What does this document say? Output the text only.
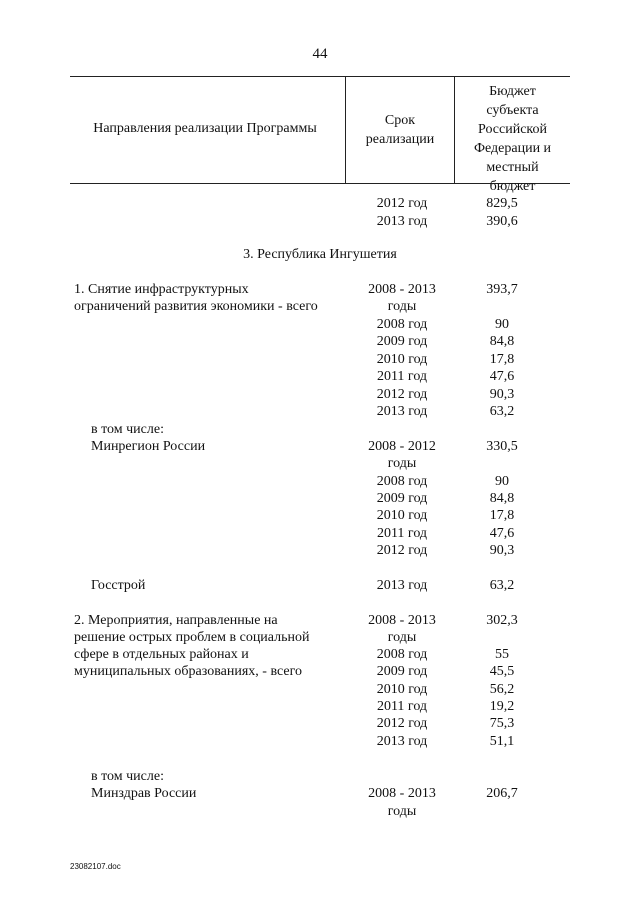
44
Направления реализации Программы
Срок
реализации
Бюджет
субъекта
Российской
Федерации и
местный
бюджет
2012 год	829,5
2013 год	390,6
3. Республика Ингушетия
1. Снятие инфраструктурных	2008 - 2013	393,7
ограничений развития экономики - всего	годы
2008 год	90
2009 год	84,8
2010 год	17,8
2011 год	47,6
2012 год	90,3
2013 год	63,2
в том числе:
Минрегион России	2008 - 2012	330,5
годы
2008 год	90
2009 год	84,8
2010 год	17,8
2011 год	47,6
2012 год	90,3
Госстрой	2013 год	63,2
2. Мероприятия, направленные на	2008 - 2013	302,3
решение острых проблем в социальной	годы
сфере в отдельных районах и	2008 год	55
муниципальных образованиях, - всего	2009 год	45,5
2010 год	56,2
2011 год	19,2
2012 год	75,3
2013 год	51,1
в том числе:
Минздрав России	2008 - 2013	206,7
годы
23082107.doc
